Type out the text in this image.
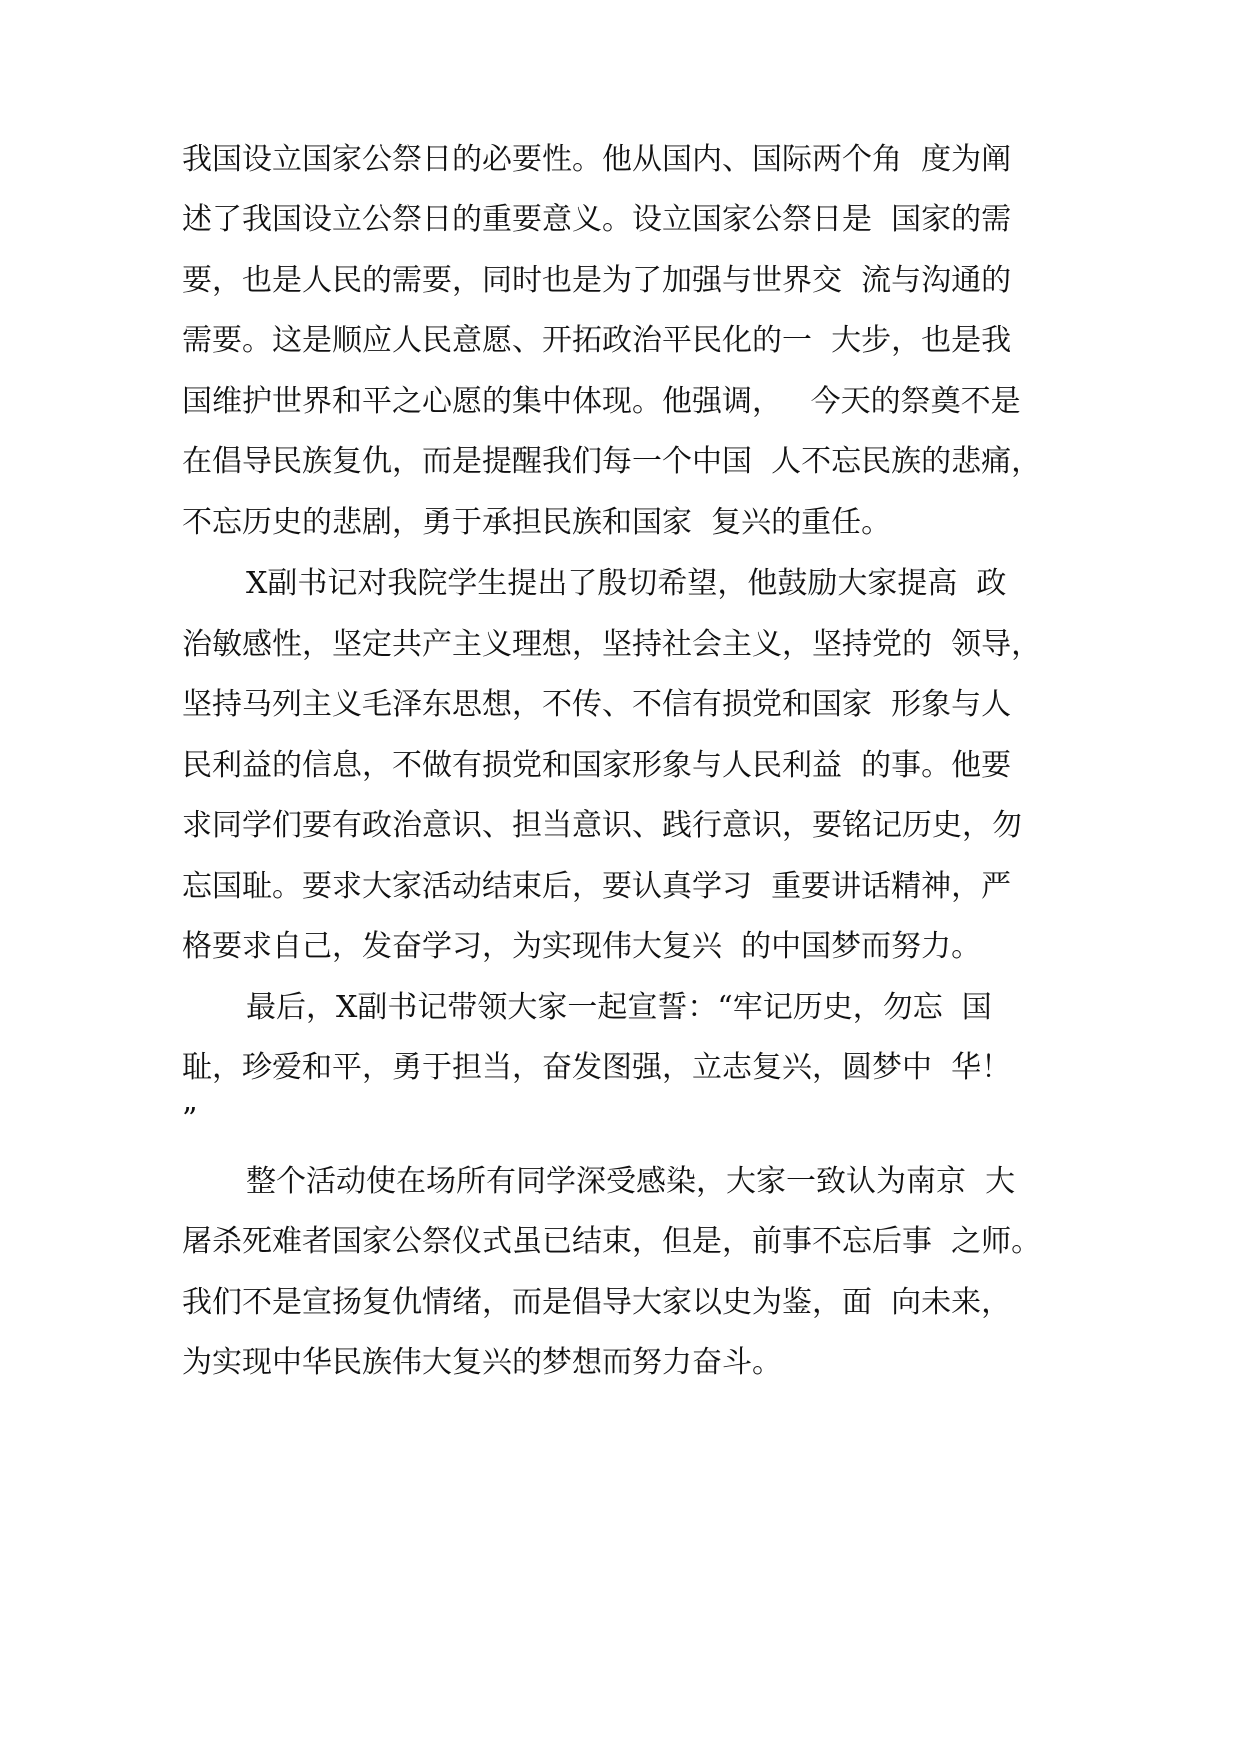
我国设立国家公祭日的必要性。他从国内、国际两个角  度为阐
述了我国设立公祭日的重要意义。设立国家公祭日是  国家的需
要，也是人民的需要，同时也是为了加强与世界交  流与沟通的
需要。这是顺应人民意愿、开拓政治平民化的一  大步，也是我
国维护世界和平之心愿的集中体现。他强调，   今天的祭奠不是
在倡导民族复仇，而是提醒我们每一个中国  人不忘民族的悲痛，
不忘历史的悲剧，勇于承担民族和国家  复兴的重任。
X副书记对我院学生提出了殷切希望，他鼓励大家提高  政
治敏感性，坚定共产主义理想，坚持社会主义，坚持党的  领导，
坚持马列主义毛泽东思想，不传、不信有损党和国家  形象与人
民利益的信息，不做有损党和国家形象与人民利益  的事。他要
求同学们要有政治意识、担当意识、践行意识，要铭记历史，勿
忘国耻。要求大家活动结束后，要认真学习  重要讲话精神，严
格要求自己，发奋学习，为实现伟大复兴  的中国梦而努力。
最后，X副书记带领大家一起宣誓：“牢记历史，勿忘  国
耻，珍爱和平，勇于担当，奋发图强，立志复兴，圆梦中  华！
”
整个活动使在场所有同学深受感染，大家一致认为南京  大
屠杀死难者国家公祭仪式虽已结束，但是，前事不忘后事  之师。
我们不是宣扬复仇情绪，而是倡导大家以史为鉴，面  向未来，
为实现中华民族伟大复兴的梦想而努力奋斗。
